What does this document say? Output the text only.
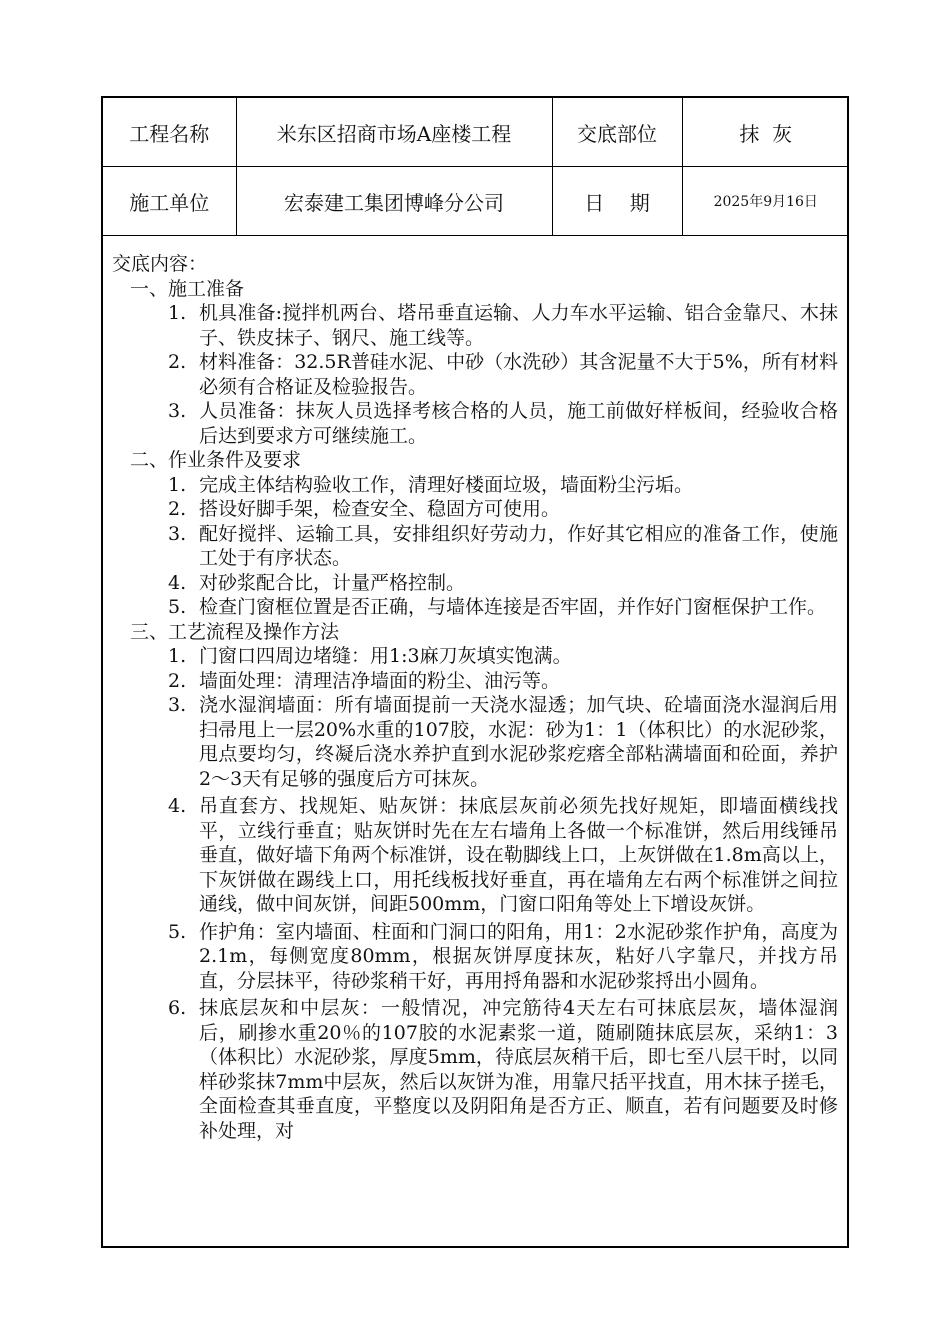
工程名称	米东区招商市场A座楼工程	交底部位	抹  灰
施工单位	宏泰建工集团博峰分公司	日    期	2025年9月16日

交底内容：

一、施工准备

1. 机具准备:搅拌机两台、塔吊垂直运输、人力车水平运输、铝合金靠尺、木抹子、铁皮抹子、钢尺、施工线等。
2. 材料准备：32.5R普硅水泥、中砂（水洗砂）其含泥量不大于5%，所有材料必须有合格证及检验报告。
3. 人员准备：抹灰人员选择考核合格的人员，施工前做好样板间，经验收合格后达到要求方可继续施工。

二、作业条件及要求

1. 完成主体结构验收工作，清理好楼面垃圾，墙面粉尘污垢。
2. 搭设好脚手架，检查安全、稳固方可使用。
3. 配好搅拌、运输工具，安排组织好劳动力，作好其它相应的准备工作，使施工处于有序状态。
4. 对砂浆配合比，计量严格控制。
5. 检查门窗框位置是否正确，与墙体连接是否牢固，并作好门窗框保护工作。

三、工艺流程及操作方法

1. 门窗口四周边堵缝：用1:3麻刀灰填实饱满。
2. 墙面处理：清理洁净墙面的粉尘、油污等。
3. 浇水湿润墙面：所有墙面提前一天浇水湿透；加气块、砼墙面浇水湿润后用扫帚甩上一层20%水重的107胶，水泥：砂为1：1（体积比）的水泥砂浆，甩点要均匀，终凝后浇水养护直到水泥砂浆疙瘩全部粘满墙面和砼面，养护2～3天有足够的强度后方可抹灰。
4. 吊直套方、找规矩、贴灰饼：抹底层灰前必须先找好规矩，即墙面横线找平，立线行垂直；贴灰饼时先在左右墙角上各做一个标准饼，然后用线锤吊垂直，做好墙下角两个标准饼，设在勒脚线上口，上灰饼做在1.8m高以上，下灰饼做在踢线上口，用托线板找好垂直，再在墙角左右两个标准饼之间拉通线，做中间灰饼，间距500mm，门窗口阳角等处上下增设灰饼。
5. 作护角：室内墙面、柱面和门洞口的阳角，用1：2水泥砂浆作护角，高度为2.1m，每侧宽度80mm，根据灰饼厚度抹灰，粘好八字靠尺，并找方吊直，分层抹平，待砂浆稍干好，再用捋角器和水泥砂浆捋出小圆角。
6. 抹底层灰和中层灰：一般情况，冲完筋待4天左右可抹底层灰，墙体湿润后，刷掺水重20％的107胶的水泥素浆一道，随刷随抹底层灰，采纳1：3（体积比）水泥砂浆，厚度5mm，待底层灰稍干后，即七至八层干时，以同样砂浆抹7mm中层灰，然后以灰饼为准，用靠尺括平找直，用木抹子搓毛，全面检查其垂直度，平整度以及阴阳角是否方正、顺直，若有问题要及时修补处理，对
